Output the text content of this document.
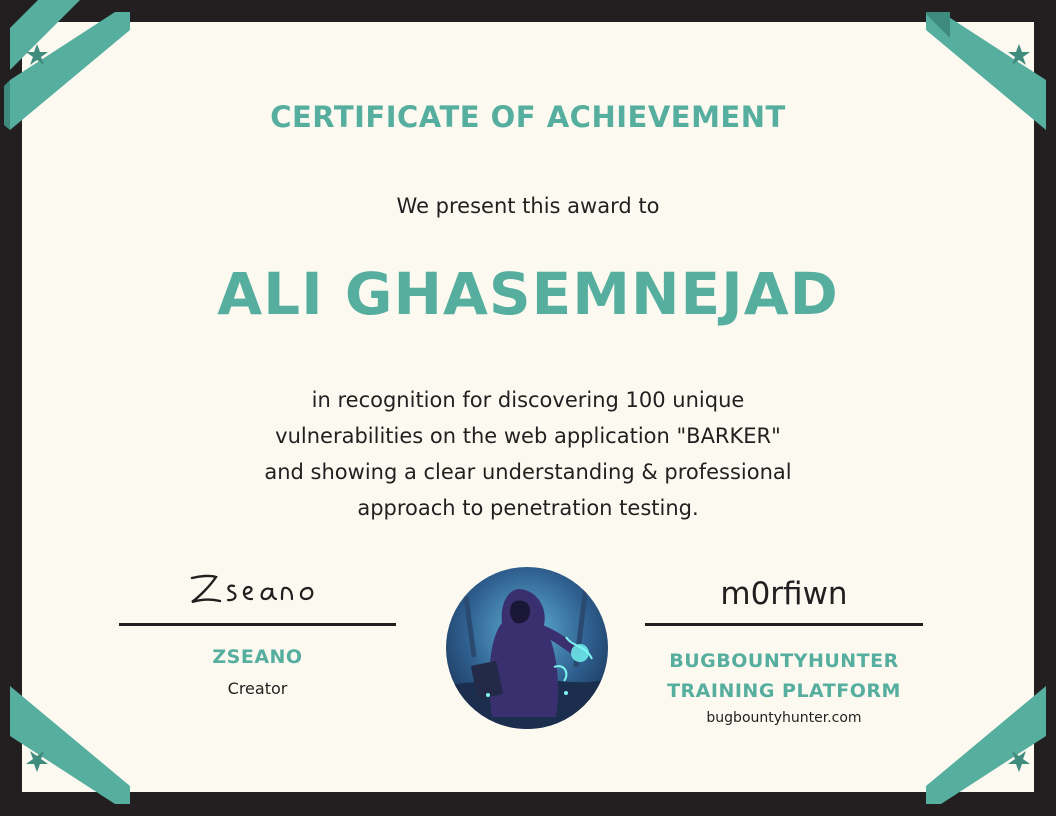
CERTIFICATE OF ACHIEVEMENT
We present this award to
ALI GHASEMNEJAD
in recognition for discovering 100 unique
vulnerabilities on the web application "BARKER"
and showing a clear understanding & professional
approach to penetration testing.
ZSEANO
Creator
m0rfiwn
BUGBOUNTYHUNTER
TRAINING PLATFORM
bugbountyhunter.com
